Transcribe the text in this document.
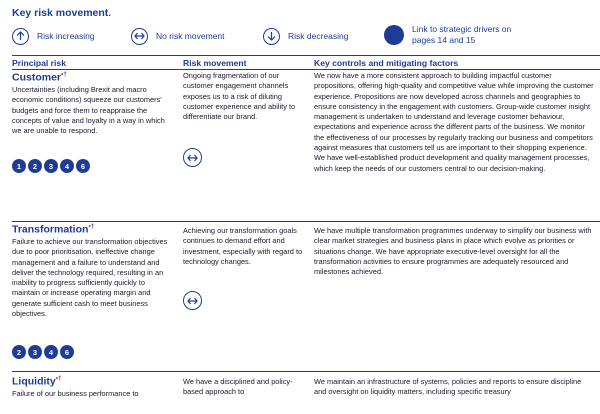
Key risk movement.
Risk increasing	No risk movement	Risk decreasing
Link to strategic drivers on pages 14 and 15
Principal risk	Risk movement	Key controls and mitigating factors
Customer•†
Uncertainties (including Brexit and macro economic conditions) squeeze our customers' budgets and force them to reappraise the concepts of value and loyalty in a way in which we are unable to respond.
1	2	3	4	6
Ongoing fragmentation of our customer engagement channels exposes us to a risk of diluting customer experience and ability to differentiate our brand.
We now have a more consistent approach to building impactful customer propositions, offering high-quality and competitive value while improving the customer experience. Propositions are now developed across channels and geographies to ensure consistency in the engagement with customers. Group-wide customer insight management is undertaken to understand and leverage customer behaviour, expectations and experience across the different parts of the business. We monitor the effectiveness of our processes by regularly tracking our business and competitors against measures that customers tell us are important to their shopping experience. We have well-established product development and quality management processes, which keep the needs of our customers central to our decision-making.
Transformation•†
Failure to achieve our transformation objectives due to poor prioritisation, ineffective change management and a failure to understand and deliver the technology required, resulting in an inability to progress sufficiently quickly to maintain or increase operating margin and generate sufficient cash to meet business objectives.
2	3	4	6
Achieving our transformation goals continues to demand effort and investment, especially with regard to technology changes.
We have multiple transformation programmes underway to simplify our business with clear market strategies and business plans in place which evolve as priorities or situations change. We have appropriate executive-level oversight for all the transformation activities to ensure programmes are adequately resourced and milestones achieved.
Liquidity•†
Failure of our business performance to
We have a disciplined and policy-based approach to
We maintain an infrastructure of systems, policies and reports to ensure discipline and oversight on liquidity matters, including specific treasury
